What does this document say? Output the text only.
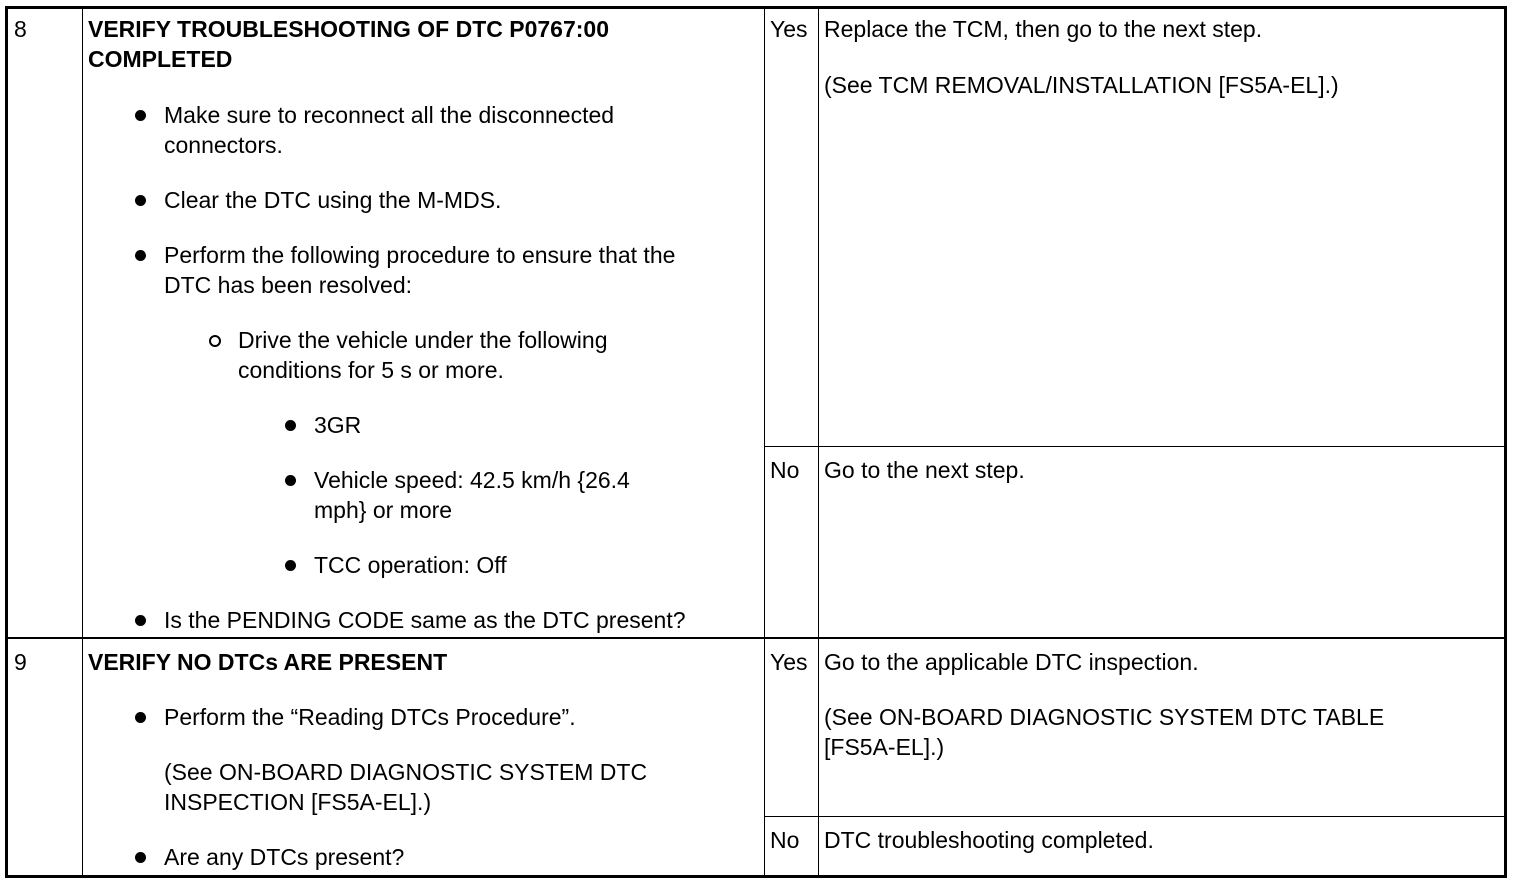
8	VERIFY TROUBLESHOOTING OF DTC P0767:00
COMPLETED
Make sure to reconnect all the disconnected
connectors.
Clear the DTC using the M-MDS.
Perform the following procedure to ensure that the
DTC has been resolved:
Drive the vehicle under the following
conditions for 5 s or more.
3GR
Vehicle speed: 42.5 km/h {26.4
mph} or more
TCC operation: Off
Is the PENDING CODE same as the DTC present?
Yes Replace the TCM, then go to the next step.
(See TCM REMOVAL/INSTALLATION [FS5A-EL].)
No Go to the next step.
9	VERIFY NO DTCs ARE PRESENT
Perform the “Reading DTCs Procedure”.
(See ON-BOARD DIAGNOSTIC SYSTEM DTC
INSPECTION [FS5A-EL].)
Are any DTCs present?
Yes Go to the applicable DTC inspection.
(See ON-BOARD DIAGNOSTIC SYSTEM DTC TABLE
[FS5A-EL].)
No DTC troubleshooting completed.
